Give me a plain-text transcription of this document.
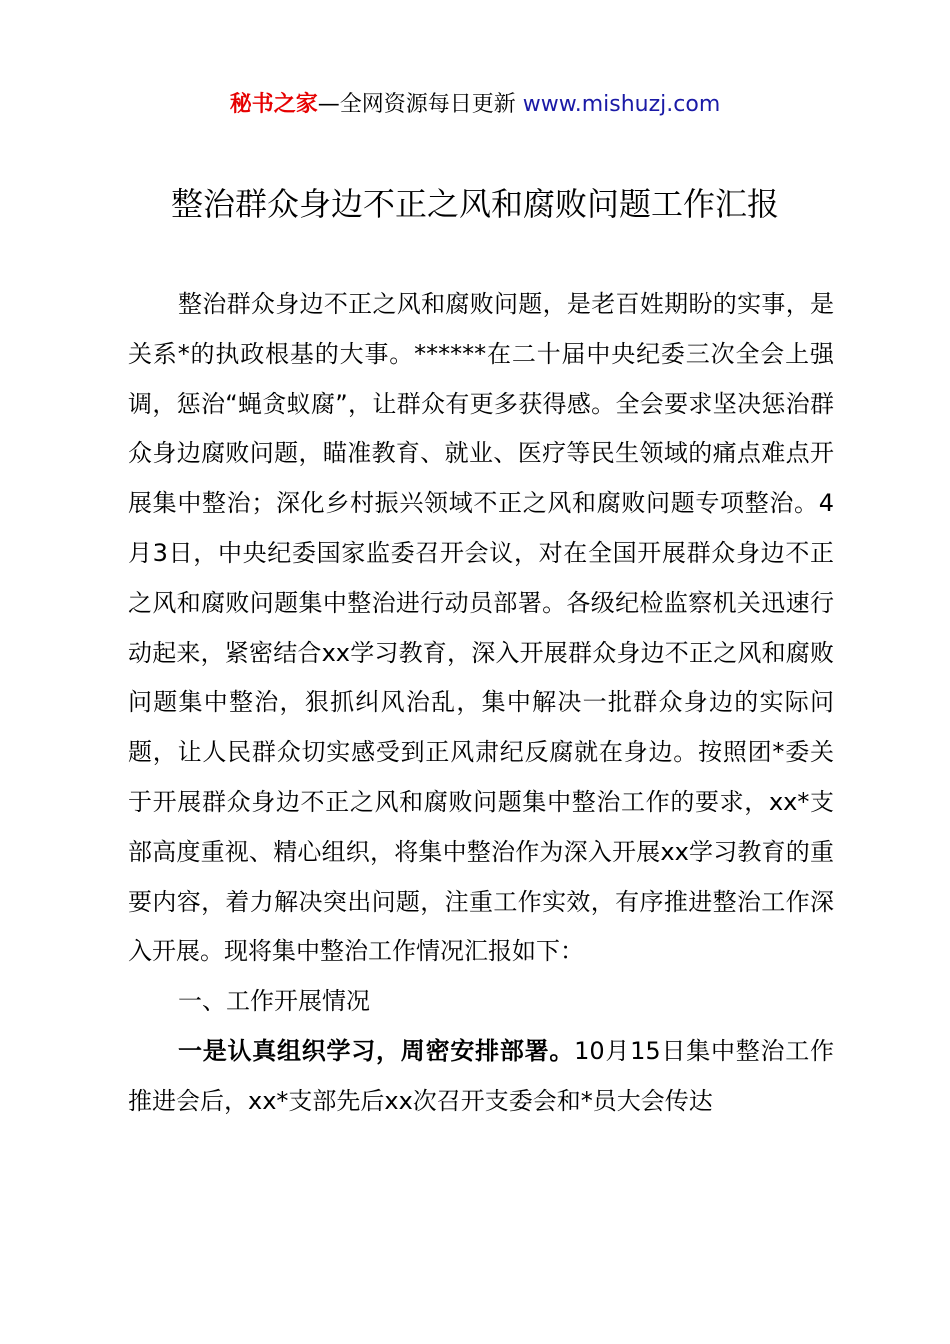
秘书之家—全网资源每日更新 www.mishuzj.com
整治群众身边不正之风和腐败问题工作汇报

整治群众身边不正之风和腐败问题，是老百姓期盼的实事，是关系*的执政根基的大事。******在二十届中央纪委三次全会上强调，惩治“蝇贪蚁腐”，让群众有更多获得感。全会要求坚决惩治群众身边腐败问题，瞄准教育、就业、医疗等民生领域的痛点难点开展集中整治；深化乡村振兴领域不正之风和腐败问题专项整治。4月3日，中央纪委国家监委召开会议，对在全国开展群众身边不正之风和腐败问题集中整治进行动员部署。各级纪检监察机关迅速行动起来，紧密结合xx学习教育，深入开展群众身边不正之风和腐败问题集中整治，狠抓纠风治乱，集中解决一批群众身边的实际问题，让人民群众切实感受到正风肃纪反腐就在身边。按照团*委关于开展群众身边不正之风和腐败问题集中整治工作的要求，xx*支部高度重视、精心组织，将集中整治作为深入开展xx学习教育的重要内容，着力解决突出问题，注重工作实效，有序推进整治工作深入开展。现将集中整治工作情况汇报如下：

一、工作开展情况

一是认真组织学习，周密安排部署。10月15日集中整治工作推进会后，xx*支部先后xx次召开支委会和*员大会传达
